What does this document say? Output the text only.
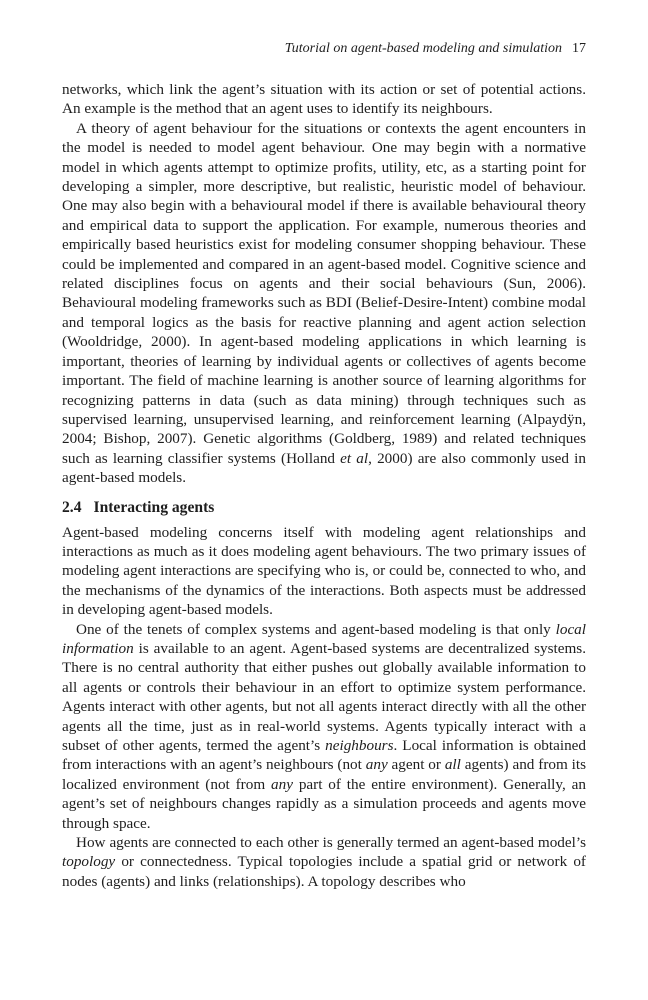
Tutorial on agent-based modeling and simulation 17

networks, which link the agent’s situation with its action or set of potential actions. An example is the method that an agent uses to identify its neighbours.

A theory of agent behaviour for the situations or contexts the agent encounters in the model is needed to model agent behaviour. One may begin with a normative model in which agents attempt to optimize profits, utility, etc, as a starting point for developing a simpler, more descriptive, but realistic, heuristic model of behaviour. One may also begin with a behavioural model if there is available behavioural theory and empirical data to support the application. For example, numerous theories and empirically based heuristics exist for modeling consumer shopping behaviour. These could be implemented and compared in an agent-based model. Cognitive science and related disciplines focus on agents and their social behaviours (Sun, 2006). Behavioural modeling frameworks such as BDI (Belief-Desire-Intent) combine modal and temporal logics as the basis for reactive planning and agent action selection (Wooldridge, 2000). In agent-based modeling applications in which learning is important, theories of learning by individual agents or collectives of agents become important. The field of machine learning is another source of learning algorithms for recognizing patterns in data (such as data mining) through techniques such as supervised learning, unsupervised learning, and reinforcement learning (Alpaydÿn, 2004; Bishop, 2007). Genetic algorithms (Goldberg, 1989) and related techniques such as learning classifier systems (Holland et al, 2000) are also commonly used in agent-based models.

2.4 Interacting agents

Agent-based modeling concerns itself with modeling agent relationships and interactions as much as it does modeling agent behaviours. The two primary issues of modeling agent interactions are specifying who is, or could be, connected to who, and the mechanisms of the dynamics of the interactions. Both aspects must be addressed in developing agent-based models.

One of the tenets of complex systems and agent-based modeling is that only local information is available to an agent. Agent-based systems are decentralized systems. There is no central authority that either pushes out globally available information to all agents or controls their behaviour in an effort to optimize system performance. Agents interact with other agents, but not all agents interact directly with all the other agents all the time, just as in real-world systems. Agents typically interact with a subset of other agents, termed the agent’s neighbours. Local information is obtained from interactions with an agent’s neighbours (not any agent or all agents) and from its localized environment (not from any part of the entire environment). Generally, an agent’s set of neighbours changes rapidly as a simulation proceeds and agents move through space.

How agents are connected to each other is generally termed an agent-based model’s topology or connectedness. Typical topologies include a spatial grid or network of nodes (agents) and links (relationships). A topology describes who
